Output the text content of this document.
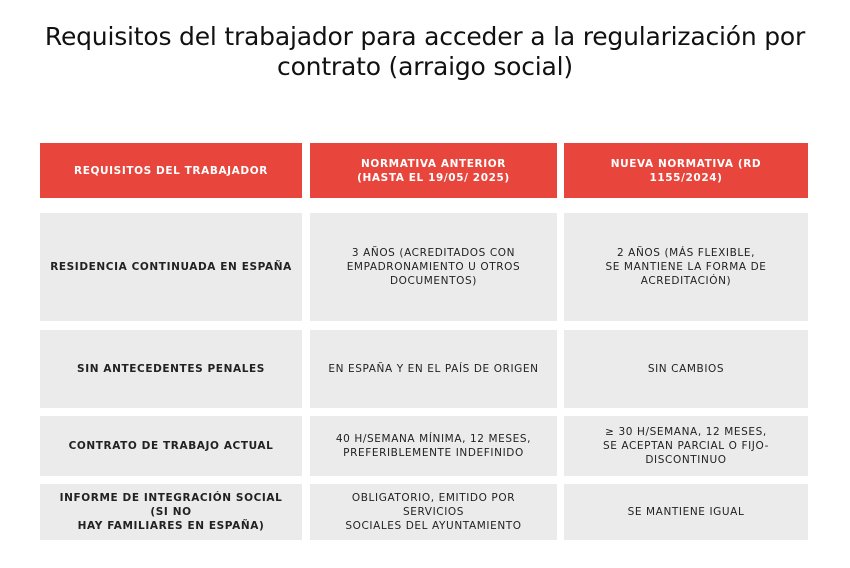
Requisitos del trabajador para acceder a la regularización por
contrato (arraigo social)
REQUISITOS DEL TRABAJADOR
NORMATIVA ANTERIOR
(HASTA EL 19/05/ 2025)
NUEVA NORMATIVA (RD 1155/2024)
RESIDENCIA CONTINUADA EN ESPAÑA
3 AÑOS (ACREDITADOS CON
EMPADRONAMIENTO U OTROS
DOCUMENTOS)
2 AÑOS (MÁS FLEXIBLE,
SE MANTIENE LA FORMA DE
ACREDITACIÓN)
SIN ANTECEDENTES PENALES	EN ESPAÑA Y EN EL PAÍS DE ORIGEN	SIN CAMBIOS
CONTRATO DE TRABAJO ACTUAL
40 H/SEMANA MÍNIMA, 12 MESES,
PREFERIBLEMENTE INDEFINIDO
≥ 30 H/SEMANA, 12 MESES,
SE ACEPTAN PARCIAL O FIJO-
DISCONTINUO
INFORME DE INTEGRACIÓN SOCIAL (SI NO
HAY FAMILIARES EN ESPAÑA)
OBLIGATORIO, EMITIDO POR SERVICIOS
SOCIALES DEL AYUNTAMIENTO
SE MANTIENE IGUAL
